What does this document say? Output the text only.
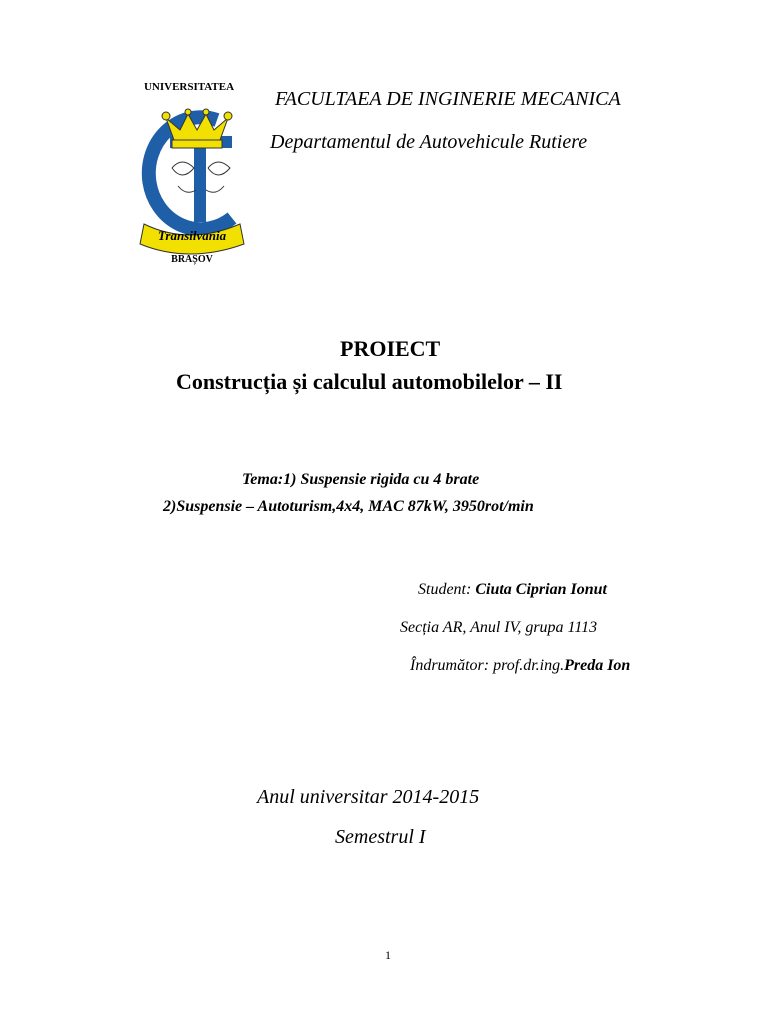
UNIVERSITATEA
Transilvania
BRAȘOV
FACULTAEA DE INGINERIE MECANICA
Departamentul de Autovehicule Rutiere
PROIECT
Construcția și calculul automobilelor – II
Tema:1) Suspensie rigida cu 4 brate
2)Suspensie – Autoturism,4x4, MAC 87kW, 3950rot/min
Student: Ciuta Ciprian Ionut
Secția AR, Anul IV, grupa 1113
Îndrumător: prof.dr.ing.Preda Ion
Anul universitar 2014-2015
Semestrul I
1
